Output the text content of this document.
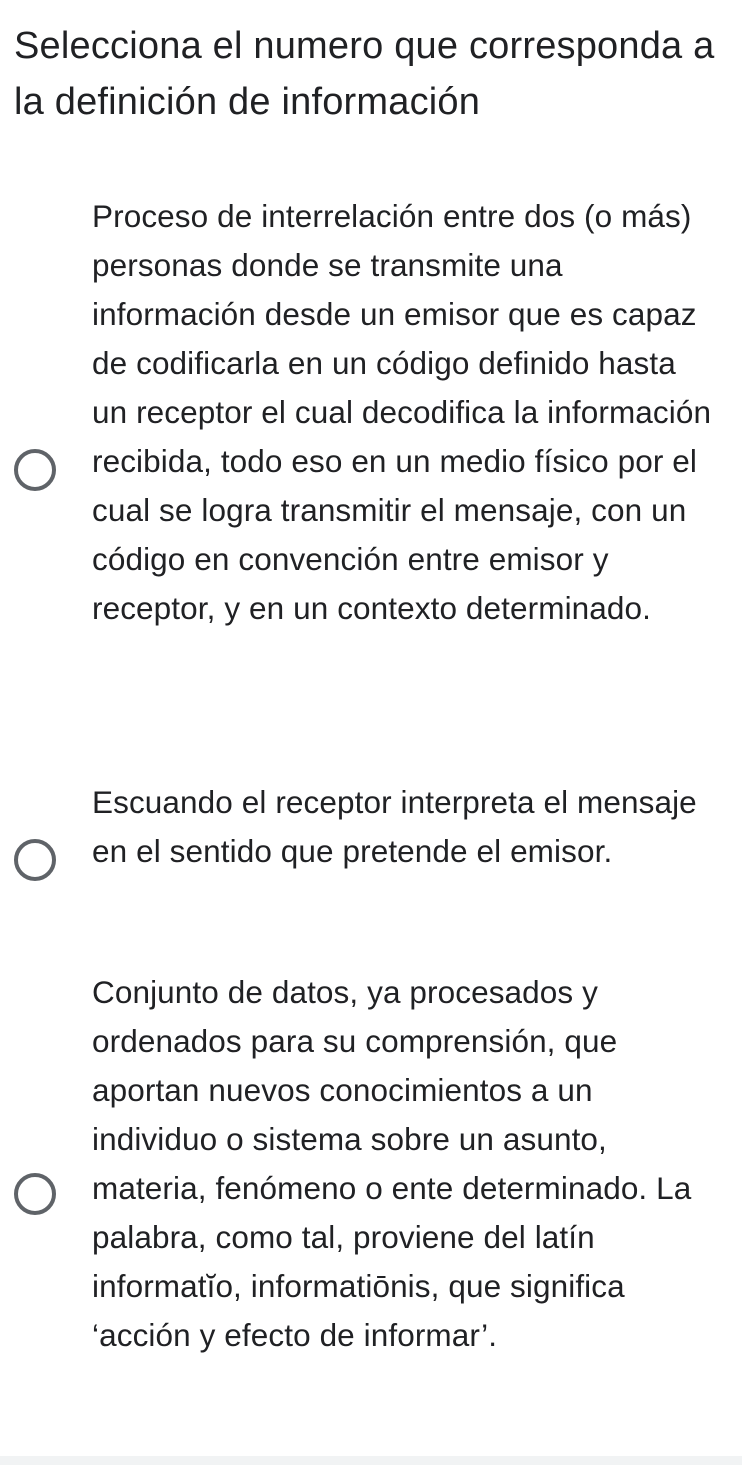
Selecciona el numero que corresponda a la definición de información

Proceso de interrelación entre dos (o más) personas donde se transmite una información desde un emisor que es capaz de codificarla en un código definido hasta un receptor el cual decodifica la información recibida, todo eso en un medio físico por el cual se logra transmitir el mensaje, con un código en convención entre emisor y receptor, y en un contexto determinado.

Escuando el receptor interpreta el mensaje en el sentido que pretende el emisor.

Conjunto de datos, ya procesados y ordenados para su comprensión, que aportan nuevos conocimientos a un individuo o sistema sobre un asunto, materia, fenómeno o ente determinado. La palabra, como tal, proviene del latín informatĭo, informatiōnis, que significa ‘acción y efecto de informar’.
